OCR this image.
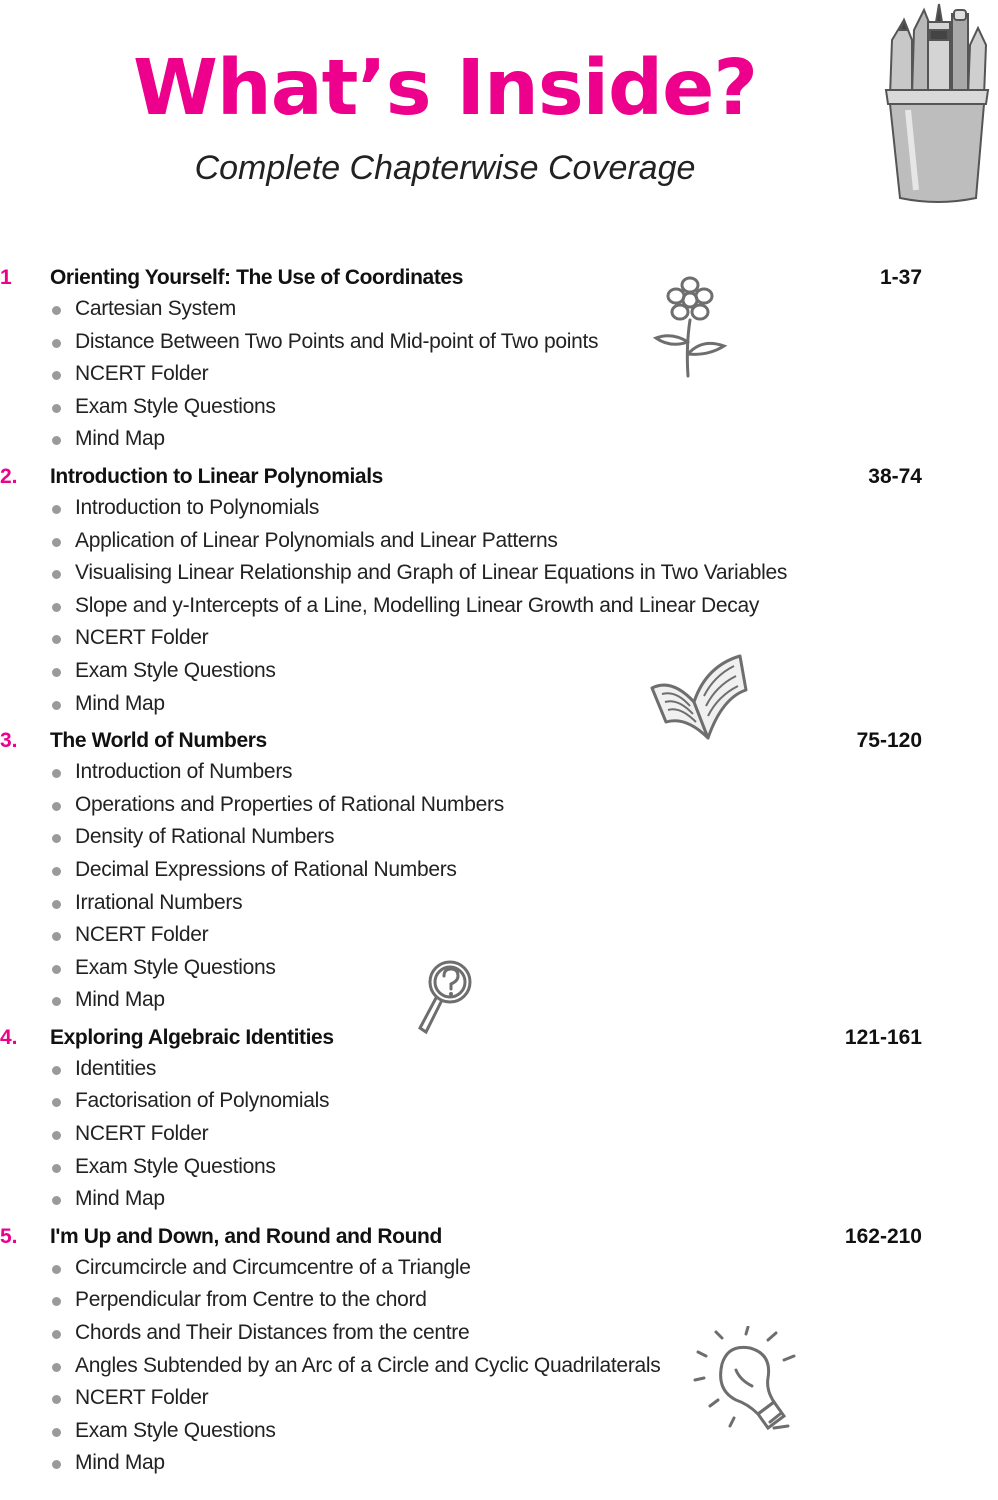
What’s Inside?
Complete Chapterwise Coverage
1 Orienting Yourself: The Use of Coordinates	1-37
Cartesian System
Distance Between Two Points and Mid-point of Two points
NCERT Folder
Exam Style Questions
Mind Map
2. Introduction to Linear Polynomials	38-74
Introduction to Polynomials
Application of Linear Polynomials and Linear Patterns
Visualising Linear Relationship and Graph of Linear Equations in Two Variables
Slope and y-Intercepts of a Line, Modelling Linear Growth and Linear Decay
NCERT Folder
Exam Style Questions
Mind Map
3. The World of Numbers	75-120
Introduction of Numbers
Operations and Properties of Rational Numbers
Density of Rational Numbers
Decimal Expressions of Rational Numbers
Irrational Numbers
NCERT Folder
Exam Style Questions
Mind Map
4. Exploring Algebraic Identities	121-161
Identities
Factorisation of Polynomials
NCERT Folder
Exam Style Questions
Mind Map
5. I'm Up and Down, and Round and Round	162-210
Circumcircle and Circumcentre of a Triangle
Perpendicular from Centre to the chord
Chords and Their Distances from the centre
Angles Subtended by an Arc of a Circle and Cyclic Quadrilaterals
NCERT Folder
Exam Style Questions
Mind Map
